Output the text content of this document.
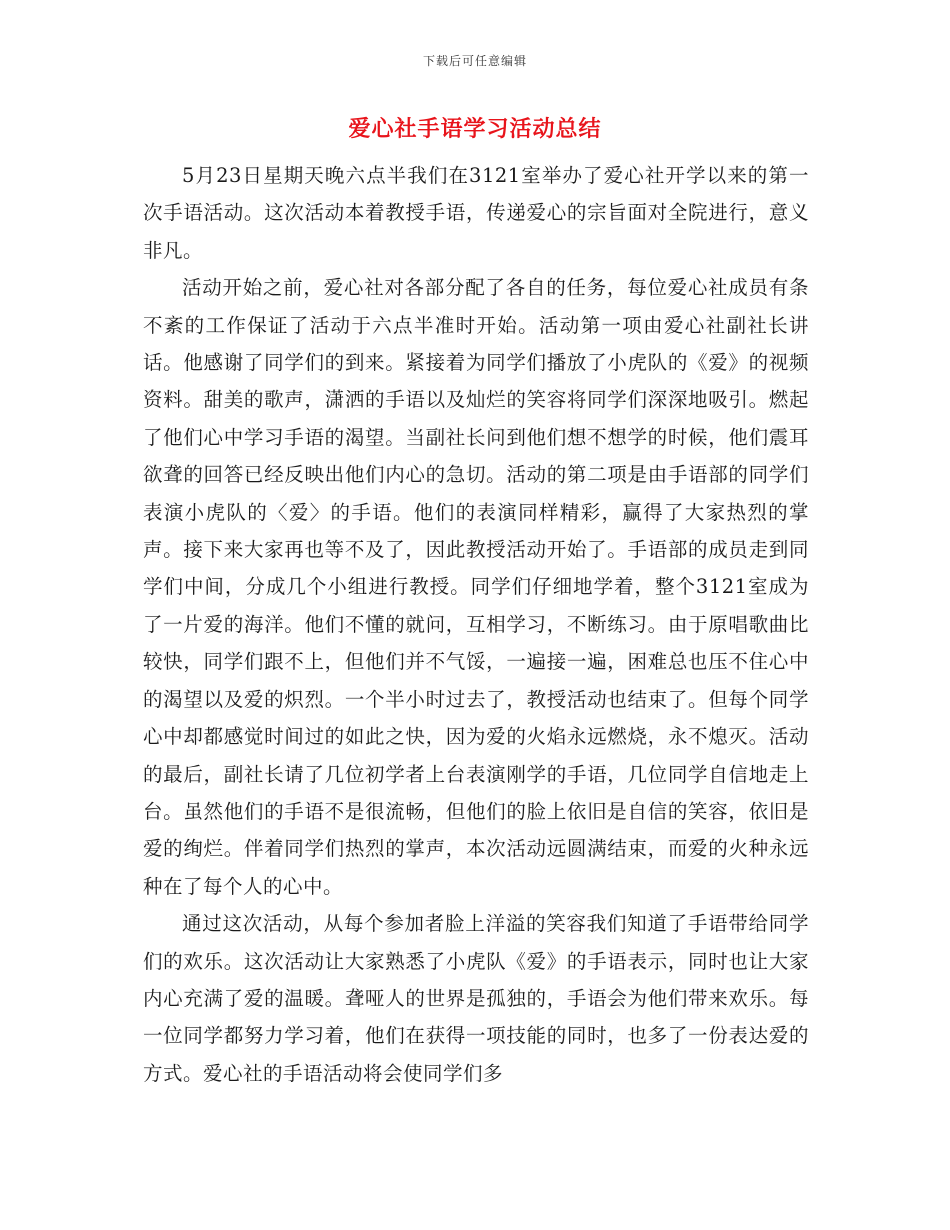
下载后可任意编辑
爱心社手语学习活动总结

5月23日星期天晚六点半我们在3121室举办了爱心社开学以来的第一次手语活动。这次活动本着教授手语，传递爱心的宗旨面对全院进行，意义非凡。

活动开始之前，爱心社对各部分配了各自的任务，每位爱心社成员有条不紊的工作保证了活动于六点半准时开始。活动第一项由爱心社副社长讲话。他感谢了同学们的到来。紧接着为同学们播放了小虎队的《爱》的视频资料。甜美的歌声，潇洒的手语以及灿烂的笑容将同学们深深地吸引。燃起了他们心中学习手语的渴望。当副社长问到他们想不想学的时候，他们震耳欲聋的回答已经反映出他们内心的急切。活动的第二项是由手语部的同学们表演小虎队的〈爱〉的手语。他们的表演同样精彩，赢得了大家热烈的掌声。接下来大家再也等不及了，因此教授活动开始了。手语部的成员走到同学们中间，分成几个小组进行教授。同学们仔细地学着，整个3121室成为了一片爱的海洋。他们不懂的就问，互相学习，不断练习。由于原唱歌曲比较快，同学们跟不上，但他们并不气馁，一遍接一遍，困难总也压不住心中的渴望以及爱的炽烈。一个半小时过去了，教授活动也结束了。但每个同学心中却都感觉时间过的如此之快，因为爱的火焰永远燃烧，永不熄灭。活动的最后，副社长请了几位初学者上台表演刚学的手语，几位同学自信地走上台。虽然他们的手语不是很流畅，但他们的脸上依旧是自信的笑容，依旧是爱的绚烂。伴着同学们热烈的掌声，本次活动远圆满结束，而爱的火种永远种在了每个人的心中。

通过这次活动，从每个参加者脸上洋溢的笑容我们知道了手语带给同学们的欢乐。这次活动让大家熟悉了小虎队《爱》的手语表示，同时也让大家内心充满了爱的温暖。聋哑人的世界是孤独的，手语会为他们带来欢乐。每一位同学都努力学习着，他们在获得一项技能的同时，也多了一份表达爱的方式。爱心社的手语活动将会使同学们多
